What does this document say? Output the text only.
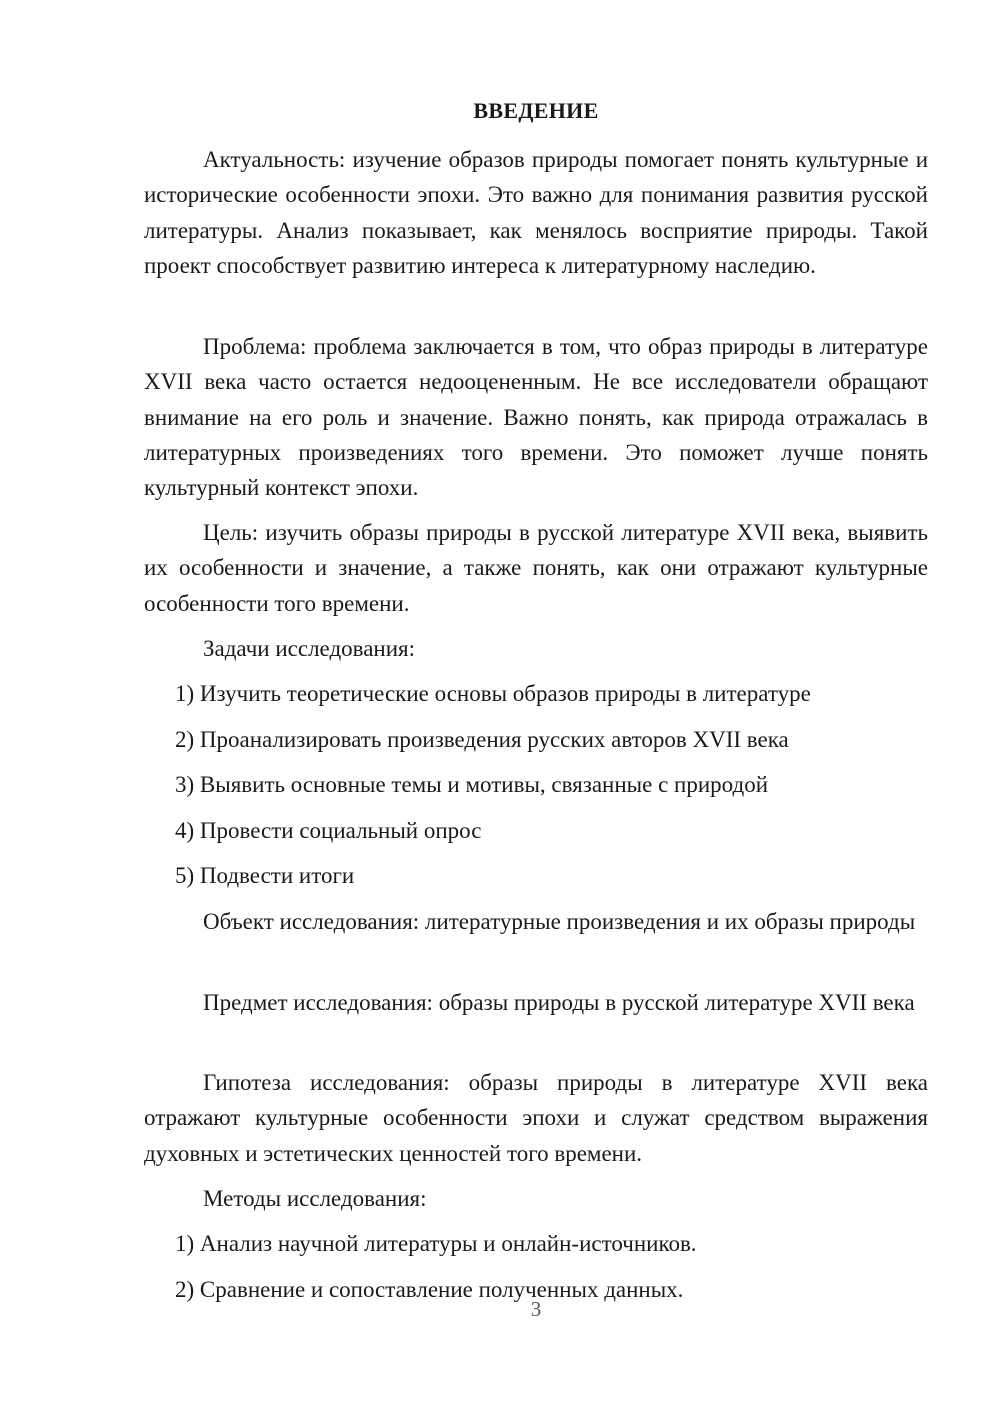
ВВЕДЕНИЕ

Актуальность: изучение образов природы помогает понять культурные и исторические особенности эпохи. Это важно для понимания развития русской литературы. Анализ показывает, как менялось восприятие природы. Такой проект способствует развитию интереса к литературному наследию.

Проблема: проблема заключается в том, что образ природы в литературе XVII века часто остается недооцененным. Не все исследователи обращают внимание на его роль и значение. Важно понять, как природа отражалась в литературных произведениях того времени. Это поможет лучше понять культурный контекст эпохи.

Цель: изучить образы природы в русской литературе XVII века, выявить их особенности и значение, а также понять, как они отражают культурные особенности того времени.

Задачи исследования:

1) Изучить теоретические основы образов природы в литературе

2) Проанализировать произведения русских авторов XVII века

3) Выявить основные темы и мотивы, связанные с природой

4) Провести социальный опрос

5) Подвести итоги

Объект исследования: литературные произведения и их образы природы

Предмет исследования: образы природы в русской литературе XVII века

Гипотеза исследования: образы природы в литературе XVII века отражают культурные особенности эпохи и служат средством выражения духовных и эстетических ценностей того времени.

Методы исследования:

1) Анализ научной литературы и онлайн-источников.

2) Сравнение и сопоставление полученных данных.

3
